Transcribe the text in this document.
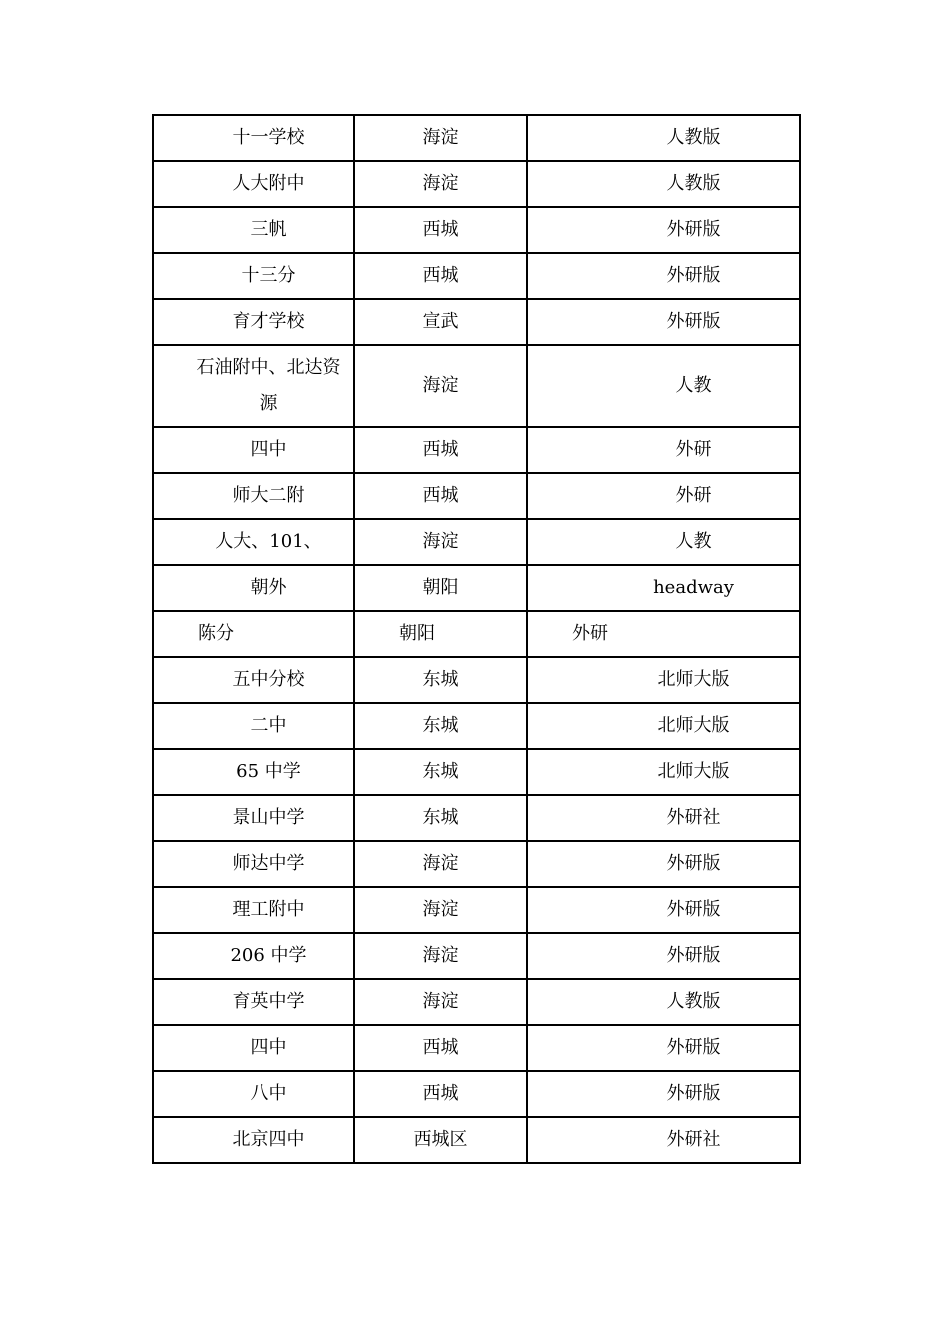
十一学校	海淀	人教版
人大附中	海淀	人教版
三帆	西城	外研版
十三分	西城	外研版
育才学校	宣武	外研版
石油附中、北达资源	海淀	人教
四中	西城	外研
师大二附	西城	外研
人大、101、	海淀	人教
朝外	朝阳	headway
陈分	朝阳	外研
五中分校	东城	北师大版
二中	东城	北师大版
65 中学	东城	北师大版
景山中学	东城	外研社
师达中学	海淀	外研版
理工附中	海淀	外研版
206 中学	海淀	外研版
育英中学	海淀	人教版
四中	西城	外研版
八中	西城	外研版
北京四中	西城区	外研社
